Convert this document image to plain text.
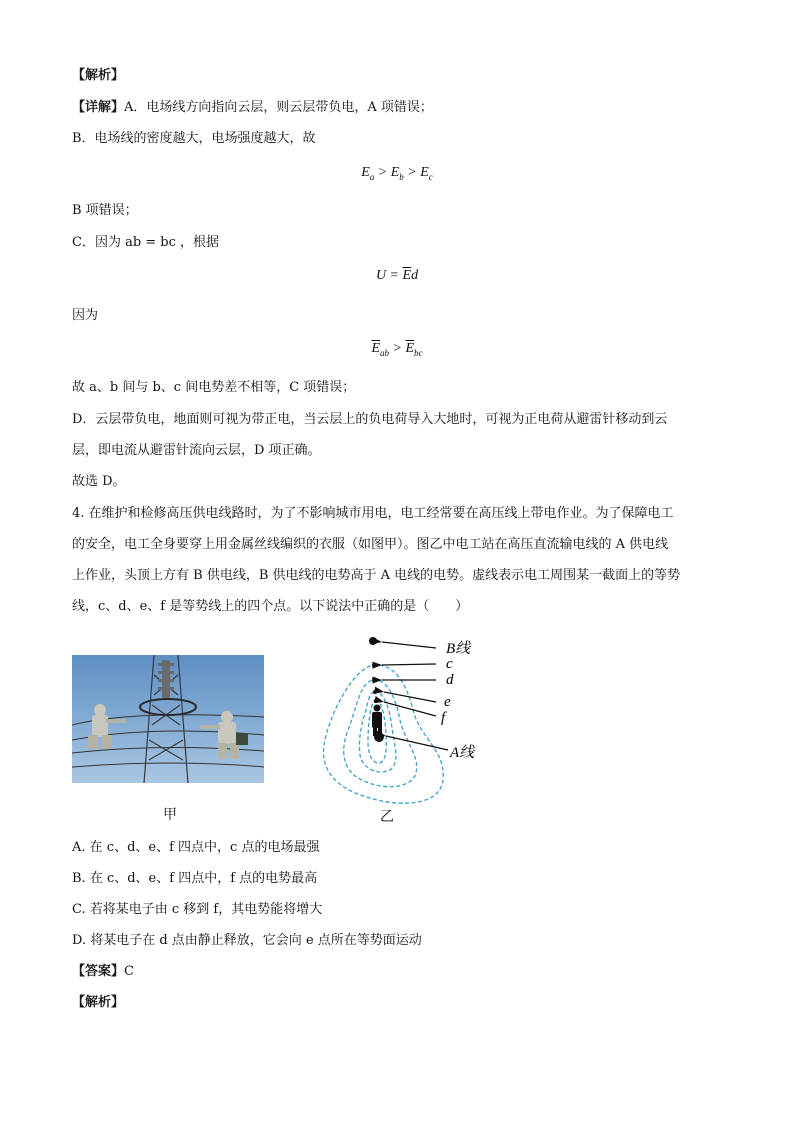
【解析】
【详解】A．电场线方向指向云层，则云层带负电，A 项错误；
B．电场线的密度越大，电场强度越大，故
$E_a > E_b > E_c$
B 项错误；
C．因为 ab = bc ，根据
$U = \overline{E}d$
因为
$\overline{E}_{ab} > \overline{E}_{bc}$
故 a、b 间与 b、c 间电势差不相等，C 项错误；
D．云层带负电，地面则可视为带正电，当云层上的负电荷导入大地时，可视为正电荷从避雷针移动到云
层，即电流从避雷针流向云层，D 项正确。
故选 D。
4. 在维护和检修高压供电线路时，为了不影响城市用电，电工经常要在高压线上带电作业。为了保障电工
的安全，电工全身要穿上用金属丝线编织的衣服（如图甲）。图乙中电工站在高压直流输电线的 A 供电线
上作业，头顶上方有 B 供电线，B 供电线的电势高于 A 电线的电势。虚线表示电工周围某一截面上的等势
线，c、d、e、f 是等势线上的四个点。以下说法中正确的是（　　）
甲
B线
c
d
e
f
A线
乙
A. 在 c、d、e、f 四点中，c 点的电场最强
B. 在 c、d、e、f 四点中，f 点的电势最高
C. 若将某电子由 c 移到 f，其电势能将增大
D. 将某电子在 d 点由静止释放，它会向 e 点所在等势面运动
【答案】C
【解析】
